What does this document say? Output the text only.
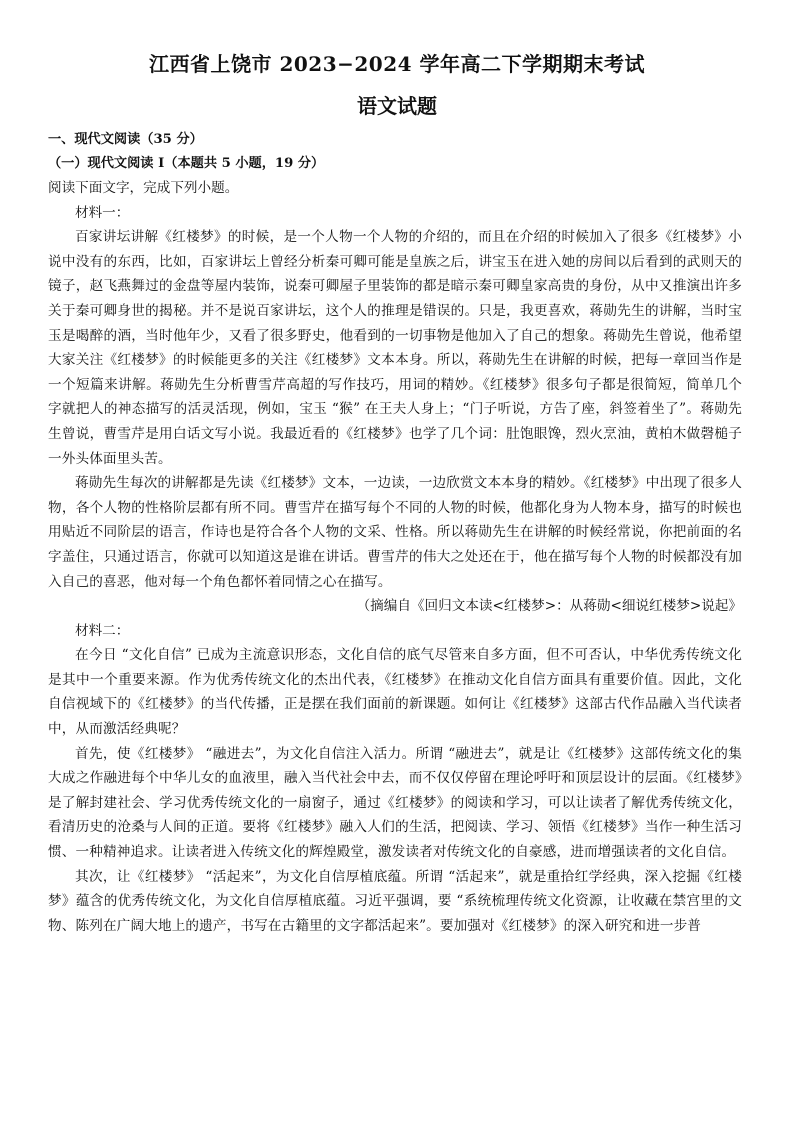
江西省上饶市 2023−2024 学年高二下学期期末考试
语文试题

一、现代文阅读（35 分）

（一）现代文阅读 I（本题共 5 小题，19 分）

阅读下面文字，完成下列小题。

材料一：

百家讲坛讲解《红楼梦》的时候，是一个人物一个人物的介绍的，而且在介绍的时候加入了很多《红楼梦》小说中没有的东西，比如，百家讲坛上曾经分析秦可卿可能是皇族之后，讲宝玉在进入她的房间以后看到的武则天的镜子，赵飞燕舞过的金盘等屋内装饰，说秦可卿屋子里装饰的都是暗示秦可卿皇家高贵的身份，从中又推演出许多关于秦可卿身世的揭秘。并不是说百家讲坛，这个人的推理是错误的。只是，我更喜欢，蒋勋先生的讲解，当时宝玉是喝醉的酒，当时他年少，又看了很多野史，他看到的一切事物是他加入了自己的想象。蒋勋先生曾说，他希望大家关注《红楼梦》的时候能更多的关注《红楼梦》文本本身。所以，蒋勋先生在讲解的时候，把每一章回当作是一个短篇来讲解。蒋勋先生分析曹雪芹高超的写作技巧，用词的精妙。《红楼梦》很多句子都是很简短，简单几个字就把人的神态描写的活灵活现，例如，宝玉 “猴” 在王夫人身上；“门子听说，方告了座，斜签着坐了”。蒋勋先生曾说，曹雪芹是用白话文写小说。我最近看的《红楼梦》也学了几个词：肚饱眼馋，烈火烹油，黄柏木做磬槌子一外头体面里头苦。

蒋勋先生每次的讲解都是先读《红楼梦》文本，一边读，一边欣赏文本本身的精妙。《红楼梦》中出现了很多人物，各个人物的性格阶层都有所不同。曹雪芹在描写每个不同的人物的时候，他都化身为人物本身，描写的时候也用贴近不同阶层的语言，作诗也是符合各个人物的文采、性格。所以蒋勋先生在讲解的时候经常说，你把前面的名字盖住，只通过语言，你就可以知道这是谁在讲话。曹雪芹的伟大之处还在于，他在描写每个人物的时候都没有加入自己的喜恶，他对每一个角色都怀着同情之心在描写。

（摘编自《回归文本读<红楼梦>：从蒋勋<细说红楼梦>说起》

材料二：

在今日 “文化自信” 已成为主流意识形态，文化自信的底气尽管来自多方面，但不可否认，中华优秀传统文化是其中一个重要来源。作为优秀传统文化的杰出代表，《红楼梦》在推动文化自信方面具有重要价值。因此，文化自信视域下的《红楼梦》的当代传播，正是摆在我们面前的新课题。如何让《红楼梦》这部古代作品融入当代读者中，从而激活经典呢？

首先，使《红楼梦》 “融进去”，为文化自信注入活力。所谓 “融进去”，就是让《红楼梦》这部传统文化的集大成之作融进每个中华儿女的血液里，融入当代社会中去，而不仅仅停留在理论呼吁和顶层设计的层面。《红楼梦》是了解封建社会、学习优秀传统文化的一扇窗子，通过《红楼梦》的阅读和学习，可以让读者了解优秀传统文化，看清历史的沧桑与人间的正道。要将《红楼梦》融入人们的生活，把阅读、学习、领悟《红楼梦》当作一种生活习惯、一种精神追求。让读者进入传统文化的辉煌殿堂，激发读者对传统文化的自豪感，进而增强读者的文化自信。

其次，让《红楼梦》 “活起来”，为文化自信厚植底蕴。所谓 “活起来”，就是重拾红学经典，深入挖掘《红楼梦》蕴含的优秀传统文化，为文化自信厚植底蕴。习近平强调，要 “系统梳理传统文化资源，让收藏在禁宫里的文物、陈列在广阔大地上的遗产，书写在古籍里的文字都活起来”。要加强对《红楼梦》的深入研究和进一步普
